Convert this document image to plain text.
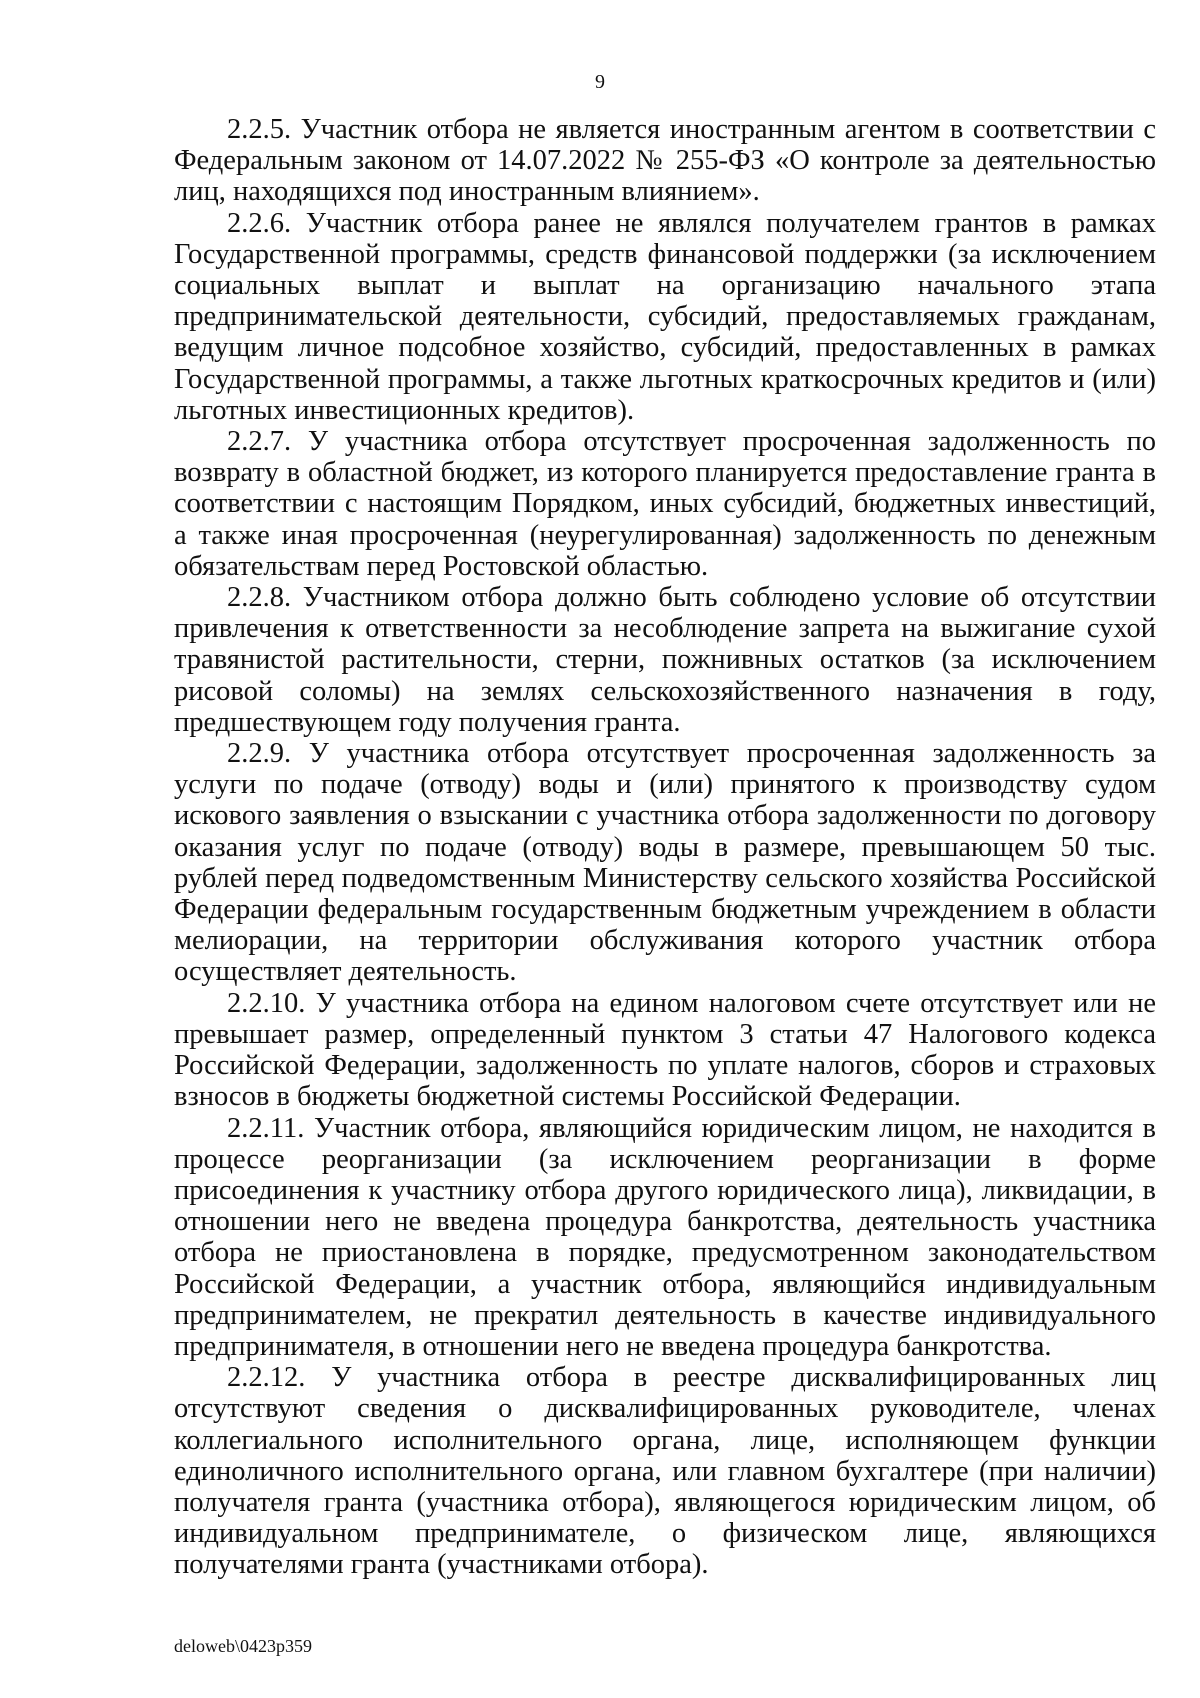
9

2.2.5. Участник отбора не является иностранным агентом в соответствии с Федеральным законом от 14.07.2022 № 255-ФЗ «О контроле за деятельностью лиц, находящихся под иностранным влиянием».

2.2.6. Участник отбора ранее не являлся получателем грантов в рамках Государственной программы, средств финансовой поддержки (за исключением социальных выплат и выплат на организацию начального этапа предпринимательской деятельности, субсидий, предоставляемых гражданам, ведущим личное подсобное хозяйство, субсидий, предоставленных в рамках Государственной программы, а также льготных краткосрочных кредитов и (или) льготных инвестиционных кредитов).

2.2.7. У участника отбора отсутствует просроченная задолженность по возврату в областной бюджет, из которого планируется предоставление гранта в соответствии с настоящим Порядком, иных субсидий, бюджетных инвестиций, а также иная просроченная (неурегулированная) задолженность по денежным обязательствам перед Ростовской областью.

2.2.8. Участником отбора должно быть соблюдено условие об отсутствии привлечения к ответственности за несоблюдение запрета на выжигание сухой травянистой растительности, стерни, пожнивных остатков (за исключением рисовой соломы) на землях сельскохозяйственного назначения в году, предшествующем году получения гранта.

2.2.9. У участника отбора отсутствует просроченная задолженность за услуги по подаче (отводу) воды и (или) принятого к производству судом искового заявления о взыскании с участника отбора задолженности по договору оказания услуг по подаче (отводу) воды в размере, превышающем 50 тыс. рублей перед подведомственным Министерству сельского хозяйства Российской Федерации федеральным государственным бюджетным учреждением в области мелиорации, на территории обслуживания которого участник отбора осуществляет деятельность.

2.2.10. У участника отбора на едином налоговом счете отсутствует или не превышает размер, определенный пунктом 3 статьи 47 Налогового кодекса Российской Федерации, задолженность по уплате налогов, сборов и страховых взносов в бюджеты бюджетной системы Российской Федерации.

2.2.11. Участник отбора, являющийся юридическим лицом, не находится в процессе реорганизации (за исключением реорганизации в форме присоединения к участнику отбора другого юридического лица), ликвидации, в отношении него не введена процедура банкротства, деятельность участника отбора не приостановлена в порядке, предусмотренном законодательством Российской Федерации, а участник отбора, являющийся индивидуальным предпринимателем, не прекратил деятельность в качестве индивидуального предпринимателя, в отношении него не введена процедура банкротства.

2.2.12. У участника отбора в реестре дисквалифицированных лиц отсутствуют сведения о дисквалифицированных руководителе, членах коллегиального исполнительного органа, лице, исполняющем функции единоличного исполнительного органа, или главном бухгалтере (при наличии) получателя гранта (участника отбора), являющегося юридическим лицом, об индивидуальном предпринимателе, о физическом лице, являющихся получателями гранта (участниками отбора).

deloweb\0423p359
